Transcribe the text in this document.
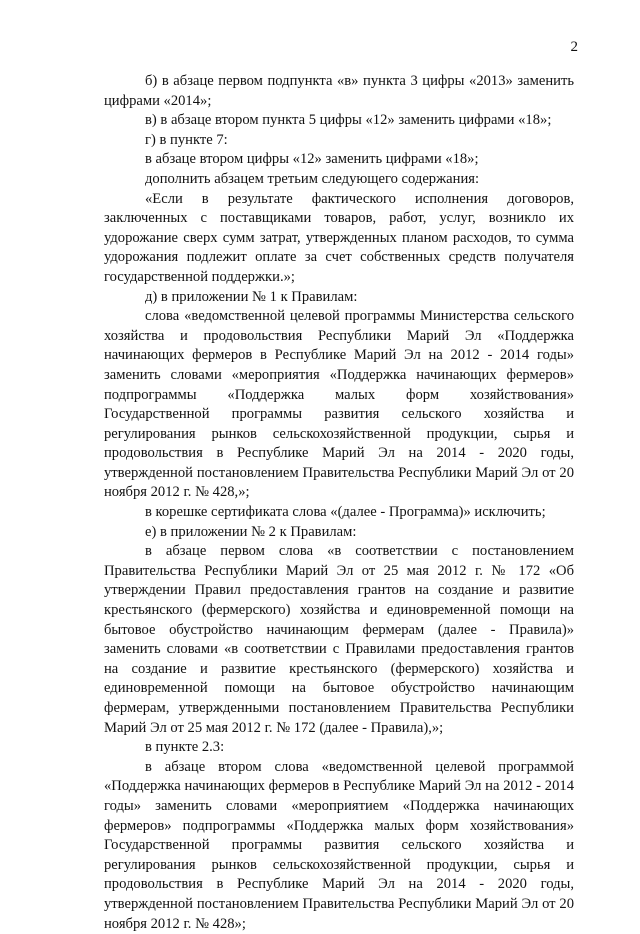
2

б) в абзаце первом подпункта «в» пункта 3 цифры «2013» заменить цифрами «2014»;

в) в абзаце втором пункта 5 цифры «12» заменить цифрами «18»;

г) в пункте 7:

в абзаце втором цифры «12» заменить цифрами «18»;

дополнить абзацем третьим следующего содержания:

«Если в результате фактического исполнения договоров, заключенных с поставщиками товаров, работ, услуг, возникло их удорожание сверх сумм затрат, утвержденных планом расходов, то сумма удорожания подлежит оплате за счет собственных средств получателя государственной поддержки.»;

д) в приложении № 1 к Правилам:

слова «ведомственной целевой программы Министерства сельского хозяйства и продовольствия Республики Марий Эл «Поддержка начинающих фермеров в Республике Марий Эл на 2012 - 2014 годы» заменить словами «мероприятия «Поддержка начинающих фермеров» подпрограммы «Поддержка малых форм хозяйствования» Государственной программы развития сельского хозяйства и регулирования рынков сельскохозяйственной продукции, сырья и продовольствия в Республике Марий Эл на 2014 - 2020 годы, утвержденной постановлением Правительства Республики Марий Эл от 20 ноября 2012 г. № 428,»;

в корешке сертификата слова «(далее - Программа)» исключить;

е) в приложении № 2 к Правилам:

в абзаце первом слова «в соответствии с постановлением Правительства Республики Марий Эл от 25 мая 2012 г. № 172 «Об утверждении Правил предоставления грантов на создание и развитие крестьянского (фермерского) хозяйства и единовременной помощи на бытовое обустройство начинающим фермерам (далее - Правила)» заменить словами «в соответствии с Правилами предоставления грантов на создание и развитие крестьянского (фермерского) хозяйства и единовременной помощи на бытовое обустройство начинающим фермерам, утвержденными постановлением Правительства Республики Марий Эл от 25 мая 2012 г. № 172 (далее - Правила),»;

в пункте 2.3:

в абзаце втором слова «ведомственной целевой программой «Поддержка начинающих фермеров в Республике Марий Эл на 2012 - 2014 годы» заменить словами «мероприятием «Поддержка начинающих фермеров» подпрограммы «Поддержка малых форм хозяйствования» Государственной программы развития сельского хозяйства и регулирования рынков сельскохозяйственной продукции, сырья и продовольствия в Республике Марий Эл на 2014 - 2020 годы, утвержденной постановлением Правительства Республики Марий Эл от 20 ноября 2012 г. № 428»;
